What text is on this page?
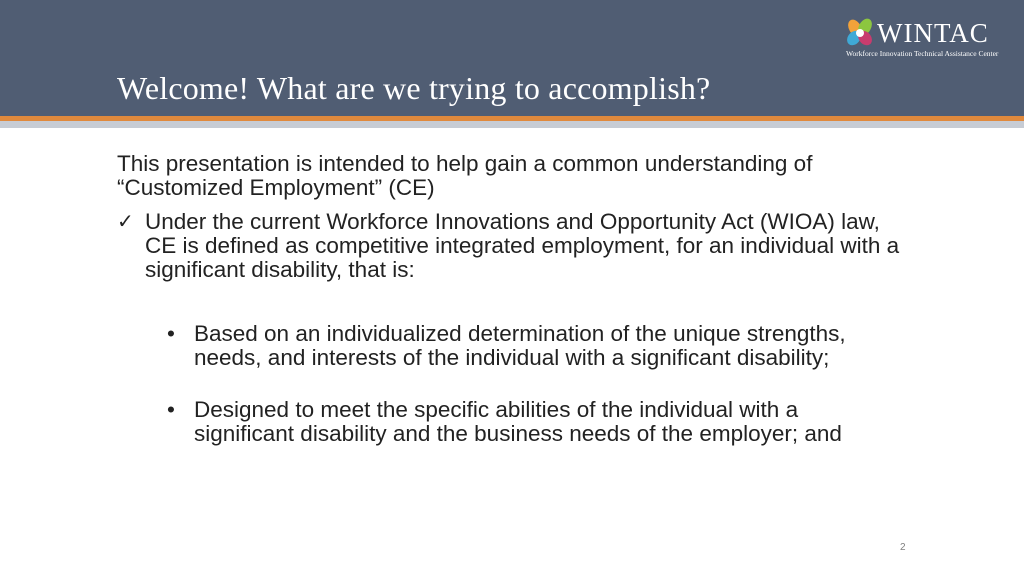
WINTAC
Workforce Innovation Technical Assistance Center
Welcome! What are we trying to accomplish?

This presentation is intended to help gain a common understanding of “Customized Employment” (CE)

✓ Under the current Workforce Innovations and Opportunity Act (WIOA) law, CE is defined as competitive integrated employment, for an individual with a significant disability, that is:

• Based on an individualized determination of the unique strengths, needs, and interests of the individual with a significant disability;

• Designed to meet the specific abilities of the individual with a significant disability and the business needs of the employer; and

2
